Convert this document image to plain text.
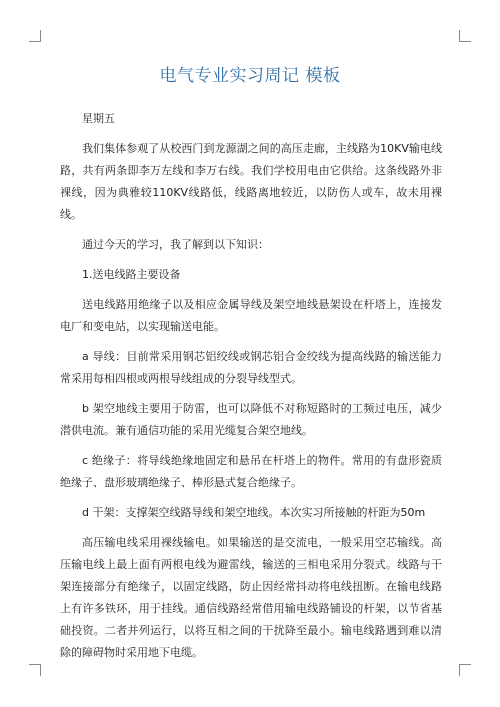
电气专业实习周记 模板

星期五

我们集体参观了从校西门到龙源湖之间的高压走廊，主线路为10KV输电线路，共有两条即李万左线和李万右线。我们学校用电由它供给。这条线路外非裸线，因为典雅较110KV线路低，线路离地较近，以防伤人或车，故未用裸线。

通过今天的学习，我了解到以下知识：

1.送电线路主要设备

送电线路用绝缘子以及相应金属导线及架空地线悬架设在杆塔上，连接发电厂和变电站，以实现输送电能。

a 导线：目前常采用钢芯铝绞线或钢芯铝合金绞线为提高线路的输送能力常采用每相四根或两根导线组成的分裂导线型式。

b 架空地线主要用于防雷，也可以降低不对称短路时的工频过电压，减少潜供电流。兼有通信功能的采用光缆复合架空地线。

c 绝缘子：将导线绝缘地固定和悬吊在杆塔上的物件。常用的有盘形瓷质绝缘子、盘形玻璃绝缘子、棒形悬式复合绝缘子。

d 干架：支撑架空线路导线和架空地线。本次实习所接触的杆距为50m

高压输电线采用裸线输电。如果输送的是交流电，一般采用空芯输线。高压输电线上最上面有两根电线为避雷线，输送的三相电采用分裂式。线路与干架连接部分有绝缘子，以固定线路，防止因经常抖动将电线扭断。在输电线路上有许多铁环，用于挂线。通信线路经常借用输电线路铺设的杆架，以节省基础投资。二者并列运行，以将互相之间的干扰降至最小。输电线路遇到难以清除的障碍物时采用地下电缆。
